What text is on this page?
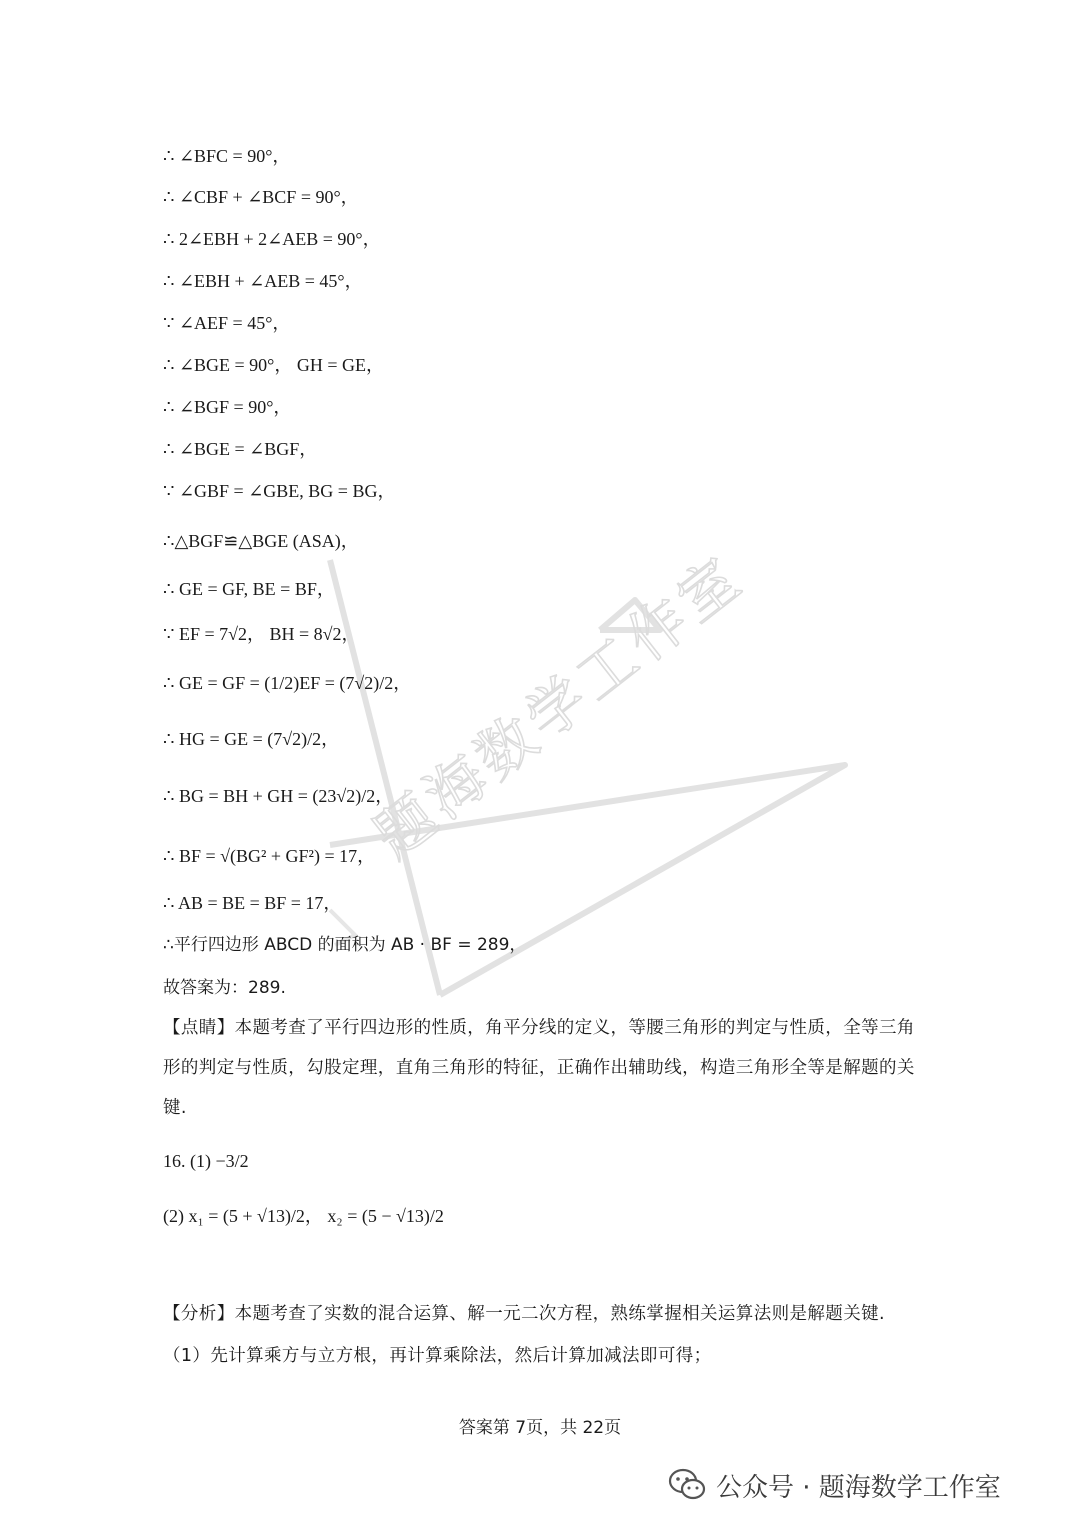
题海数学工作室
∴ ∠BFC = 90°，
∴ ∠CBF + ∠BCF = 90°，
∴ 2∠EBH + 2∠AEB = 90°，
∴ ∠EBH + ∠AEB = 45°，
∵ ∠AEF = 45°，
∴ ∠BGE = 90°， GH = GE，
∴ ∠BGF = 90°，
∴ ∠BGE = ∠BGF，
∵ ∠GBF = ∠GBE, BG = BG，
∴△BGF≌△BGE (ASA)，
∴ GE = GF, BE = BF，
∵ EF = 7√2， BH = 8√2，
∴ GE = GF = (1/2)EF = (7√2)/2，
∴ HG = GE = (7√2)/2，
∴ BG = BH + GH = (23√2)/2，
∴ BF = √(BG² + GF²) = 17，
∴ AB = BE = BF = 17，
∴平行四边形 ABCD 的面积为 AB · BF = 289，
故答案为：289.
【点睛】本题考查了平行四边形的性质，角平分线的定义，等腰三角形的判定与性质，全等三角形的判定与性质，勾股定理，直角三角形的特征，正确作出辅助线，构造三角形全等是解题的关键.
16. (1) −3/2
(2) x₁ = (5 + √13)/2， x₂ = (5 − √13)/2
【分析】本题考查了实数的混合运算、解一元二次方程，熟练掌握相关运算法则是解题关键.
（1）先计算乘方与立方根，再计算乘除法，然后计算加减法即可得；
答案第 7页，共 22页
公众号 · 题海数学工作室
